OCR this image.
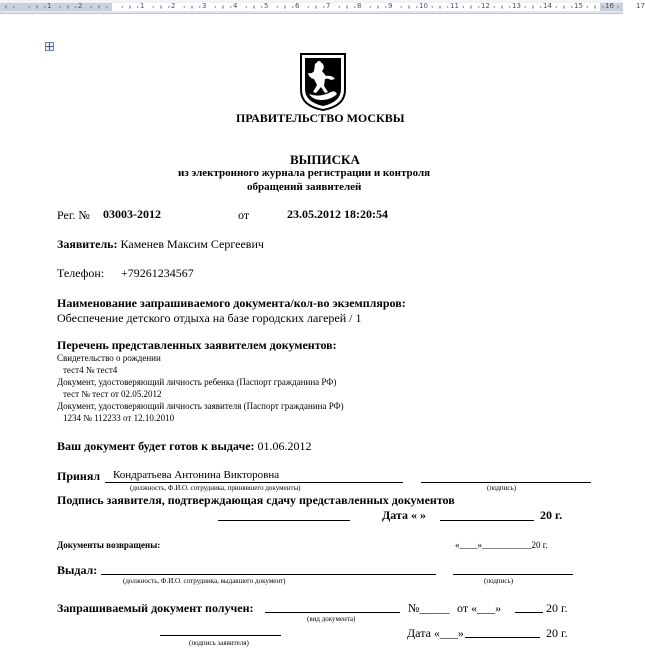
1	2	1	2	3	4	5	6	7	8	9	10	11	12	13	14	15	16	17
ПРАВИТЕЛЬСТВО МОСКВЫ
ВЫПИСКА
из электронного журнала регистрации и контроля
обращений заявителей
Рег. № 03003-2012	от	23.05.2012 18:20:54
Заявитель: Каменев Максим Сергеевич
Телефон: +79261234567
Наименование запрашиваемого документа/кол-во экземпляров:
Обеспечение детского отдыха на базе городских лагерей / 1
Перечень представленных заявителем документов:
Свидетельство о рождении
тест4 № тест4
Документ, удостоверяющий личность ребенка (Паспорт гражданина РФ)
тест № тест от 02.05.2012
Документ, удостоверяющий личность заявителя (Паспорт гражданина РФ)
1234 № 112233 от 12.10.2010
Ваш документ будет готов к выдаче: 01.06.2012
Принял Кондратьева Антонина Викторовна
(должность, Ф.И.О. сотрудника, принявшего документы)	(подпись)
Подпись заявителя, подтверждающая сдачу представленных документов
Дата « »	20 г.
Документы возвращены:	«____»___________20 г.
Выдал:
(должность, Ф.И.О. сотрудника, выдавшего документ)	(подпись)
Запрашиваемый документ получен:
(вид документа)
№_____ от «___»	20 г.
(подпись заявителя)
Дата «___»	20 г.
